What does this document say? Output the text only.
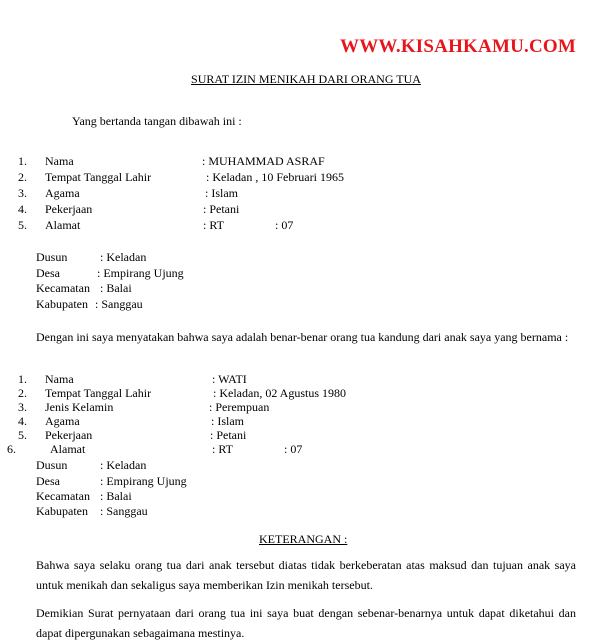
WWW.KISAHKAMU.COM
SURAT IZIN MENIKAH DARI ORANG TUA
Yang bertanda tangan dibawah ini :
1. Nama	: MUHAMMAD ASRAF
2. Tempat Tanggal Lahir	: Keladan , 10 Februari 1965
3. Agama	: Islam
4. Pekerjaan	: Petani
5. Alamat	: RT	: 07
Dusun	: Keladan
Desa	: Empirang Ujung
Kecamatan : Balai
Kabupaten : Sanggau
Dengan ini saya menyatakan bahwa saya adalah benar-benar orang tua kandung dari anak saya yang bernama :
1. Nama	: WATI
2. Tempat Tanggal Lahir	: Keladan, 02 Agustus 1980
3. Jenis Kelamin	: Perempuan
4. Agama	: Islam
5. Pekerjaan	: Petani
6.	Alamat	: RT	: 07
Dusun	: Keladan
Desa	: Empirang Ujung
Kecamatan : Balai
Kabupaten : Sanggau
KETERANGAN :
Bahwa saya selaku orang tua dari anak tersebut diatas tidak berkeberatan atas maksud dan tujuan anak saya untuk menikah dan sekaligus saya memberikan Izin menikah tersebut.
Demikian Surat pernyataan dari orang tua ini saya buat dengan sebenar-benarnya untuk dapat diketahui dan dapat dipergunakan sebagaimana mestinya.
